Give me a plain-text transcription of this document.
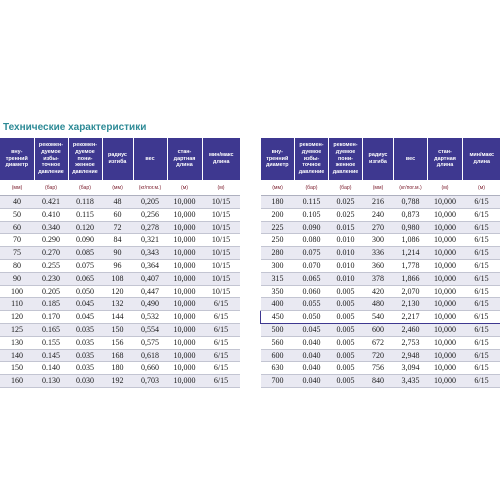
Технические характеристики
вну-
тренний
диаметр	рекомен-
дуемое
избы-
точное
давление	рекомен-
дуемое
пони-
женное
давление	радиус
изгиба	вес	стан-
дартная
длина	мин/макс
длина
(мм)	(бар)	(бар)	(мм)	(кг/пог.м.)	(м)	(м)
40	0.421	0.118	48	0,205	10,000	10/15
50	0.410	0.115	60	0,256	10,000	10/15
60	0.340	0.120	72	0,278	10,000	10/15
70	0.290	0.090	84	0,321	10,000	10/15
75	0.270	0.085	90	0,343	10,000	10/15
80	0.255	0.075	96	0,364	10,000	10/15
90	0.230	0.065	108	0,407	10,000	10/15
100	0.205	0.050	120	0,447	10,000	10/15
110	0.185	0.045	132	0,490	10,000	6/15
120	0.170	0.045	144	0,532	10,000	6/15
125	0.165	0.035	150	0,554	10,000	6/15
130	0.155	0.035	156	0,575	10,000	6/15
140	0.145	0.035	168	0,618	10,000	6/15
150	0.140	0.035	180	0,660	10,000	6/15
160	0.130	0.030	192	0,703	10,000	6/15
вну-
тренний
диаметр	рекомен-
дуемое
избы-
точное
давление	рекомен-
дуемое
пони-
женное
давление	радиус
изгиба	вес	стан-
дартная
длина	мин/макс
длина
(мм)	(бар)	(бар)	(мм)	(кг/пог.м.)	(м)	(м)
180	0.115	0.025	216	0,788	10,000	6/15
200	0.105	0.025	240	0,873	10,000	6/15
225	0.090	0.015	270	0,980	10,000	6/15
250	0.080	0.010	300	1,086	10,000	6/15
280	0.075	0.010	336	1,214	10,000	6/15
300	0.070	0.010	360	1,778	10,000	6/15
315	0.065	0.010	378	1,866	10,000	6/15
350	0.060	0.005	420	2,070	10,000	6/15
400	0.055	0.005	480	2,130	10,000	6/15
450	0.050	0.005	540	2,217	10,000	6/15
500	0.045	0.005	600	2,460	10,000	6/15
560	0.040	0.005	672	2,753	10,000	6/15
600	0.040	0.005	720	2,948	10,000	6/15
630	0.040	0.005	756	3,094	10,000	6/15
700	0.040	0.005	840	3,435	10,000	6/15
